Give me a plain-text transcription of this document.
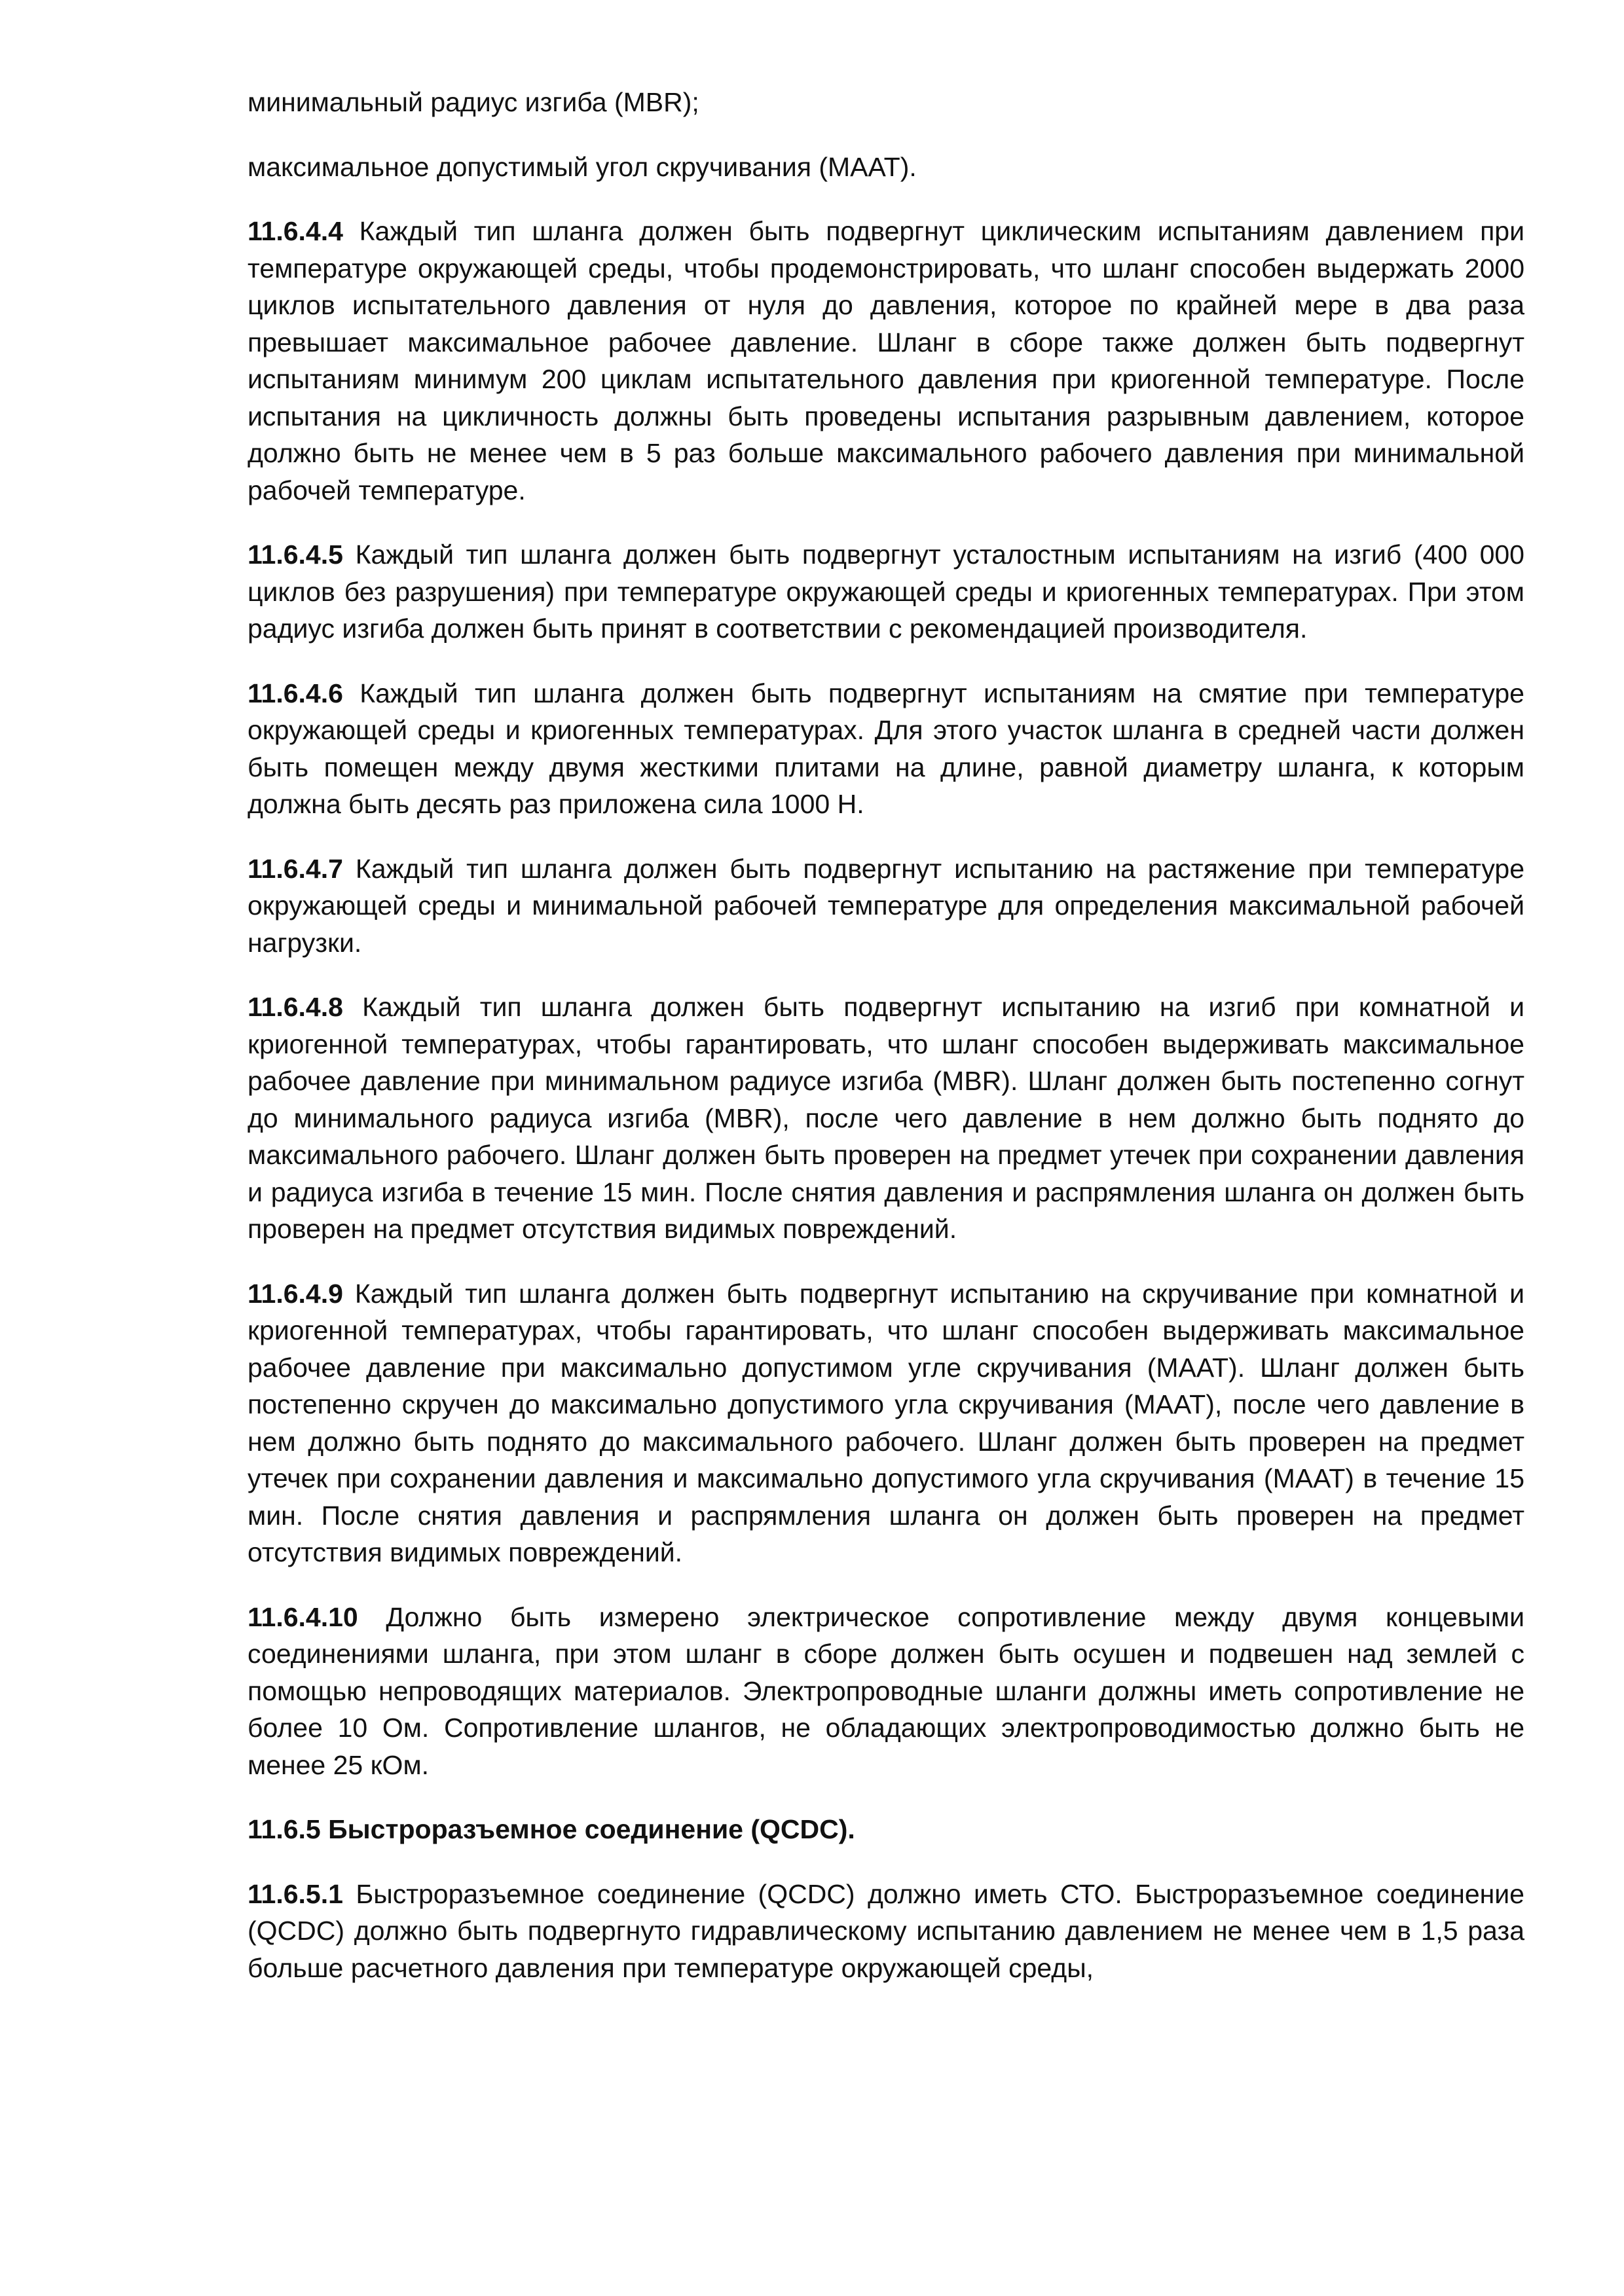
минимальный радиус изгиба (MBR);

максимальное допустимый угол скручивания (МААТ).

11.6.4.4 Каждый тип шланга должен быть подвергнут циклическим испытаниям давлением при температуре окружающей среды, чтобы продемонстрировать, что шланг способен выдержать 2000 циклов испытательного давления от нуля до давления, которое по крайней мере в два раза превышает максимальное рабочее давление. Шланг в сборе также должен быть подвергнут испытаниям минимум 200 циклам испытательного давления при криогенной температуре. После испытания на цикличность должны быть проведены испытания разрывным давлением, которое должно быть не менее чем в 5 раз больше максимального рабочего давления при минимальной рабочей температуре.

11.6.4.5 Каждый тип шланга должен быть подвергнут усталостным испытаниям на изгиб (400 000 циклов без разрушения) при температуре окружающей среды и криогенных температурах. При этом радиус изгиба должен быть принят в соответствии с рекомендацией производителя.

11.6.4.6 Каждый тип шланга должен быть подвергнут испытаниям на смятие при температуре окружающей среды и криогенных температурах. Для этого участок шланга в средней части должен быть помещен между двумя жесткими плитами на длине, равной диаметру шланга, к которым должна быть десять раз приложена сила 1000 Н.

11.6.4.7 Каждый тип шланга должен быть подвергнут испытанию на растяжение при температуре окружающей среды и минимальной рабочей температуре для определения максимальной рабочей нагрузки.

11.6.4.8 Каждый тип шланга должен быть подвергнут испытанию на изгиб при комнатной и криогенной температурах, чтобы гарантировать, что шланг способен выдерживать максимальное рабочее давление при минимальном радиусе изгиба (MBR). Шланг должен быть постепенно согнут до минимального радиуса изгиба (MBR), после чего давление в нем должно быть поднято до максимального рабочего. Шланг должен быть проверен на предмет утечек при сохранении давления и радиуса изгиба в течение 15 мин. После снятия давления и распрямления шланга он должен быть проверен на предмет отсутствия видимых повреждений.

11.6.4.9 Каждый тип шланга должен быть подвергнут испытанию на скручивание при комнатной и криогенной температурах, чтобы гарантировать, что шланг способен выдерживать максимальное рабочее давление при максимально допустимом угле скручивания (МААТ). Шланг должен быть постепенно скручен до максимально допустимого угла скручивания (МААТ), после чего давление в нем должно быть поднято до максимального рабочего. Шланг должен быть проверен на предмет утечек при сохранении давления и максимально допустимого угла скручивания (МААТ) в течение 15 мин. После снятия давления и распрямления шланга он должен быть проверен на предмет отсутствия видимых повреждений.

11.6.4.10 Должно быть измерено электрическое сопротивление между двумя концевыми соединениями шланга, при этом шланг в сборе должен быть осушен и подвешен над землей с помощью непроводящих материалов. Электропроводные шланги должны иметь сопротивление не более 10 Ом. Сопротивление шлангов, не обладающих электропроводимостью должно быть не менее 25 кОм.

11.6.5 Быстроразъемное соединение (QCDC).

11.6.5.1 Быстроразъемное соединение (QCDC) должно иметь СТО. Быстроразъемное соединение (QCDC) должно быть подвергнуто гидравлическому испытанию давлением не менее чем в 1,5 раза больше расчетного давления при температуре окружающей среды,
